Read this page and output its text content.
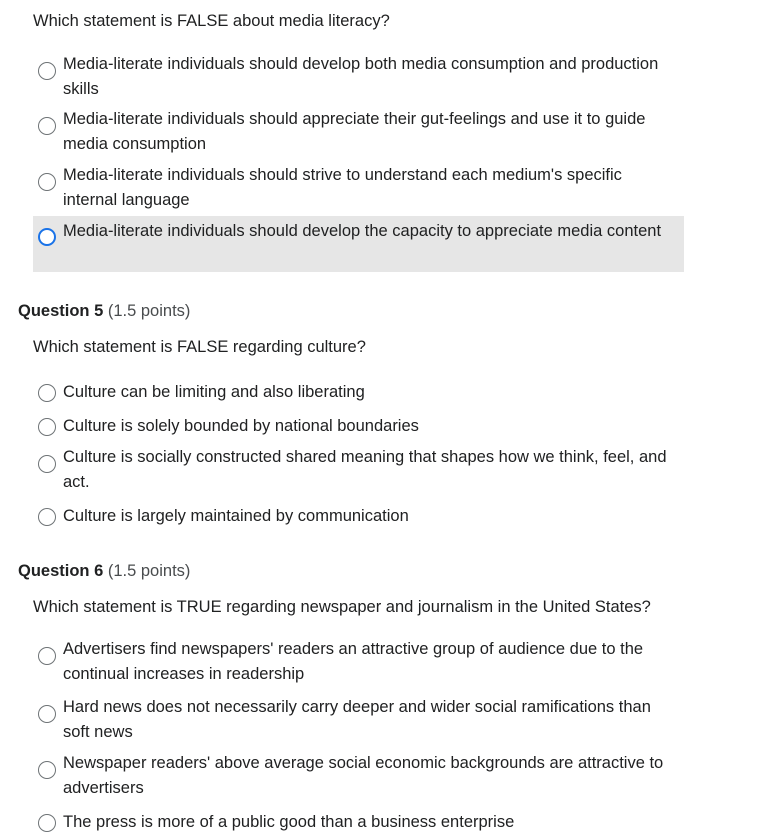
Which statement is FALSE about media literacy?
Media-literate individuals should develop both media consumption and production skills
Media-literate individuals should appreciate their gut-feelings and use it to guide media consumption
Media-literate individuals should strive to understand each medium's specific internal language
Media-literate individuals should develop the capacity to appreciate media content
Question 5 (1.5 points)
Which statement is FALSE regarding culture?
Culture can be limiting and also liberating
Culture is solely bounded by national boundaries
Culture is socially constructed shared meaning that shapes how we think, feel, and act.
Culture is largely maintained by communication
Question 6 (1.5 points)
Which statement is TRUE regarding newspaper and journalism in the United States?
Advertisers find newspapers' readers an attractive group of audience due to the continual increases in readership
Hard news does not necessarily carry deeper and wider social ramifications than soft news
Newspaper readers' above average social economic backgrounds are attractive to advertisers
The press is more of a public good than a business enterprise
